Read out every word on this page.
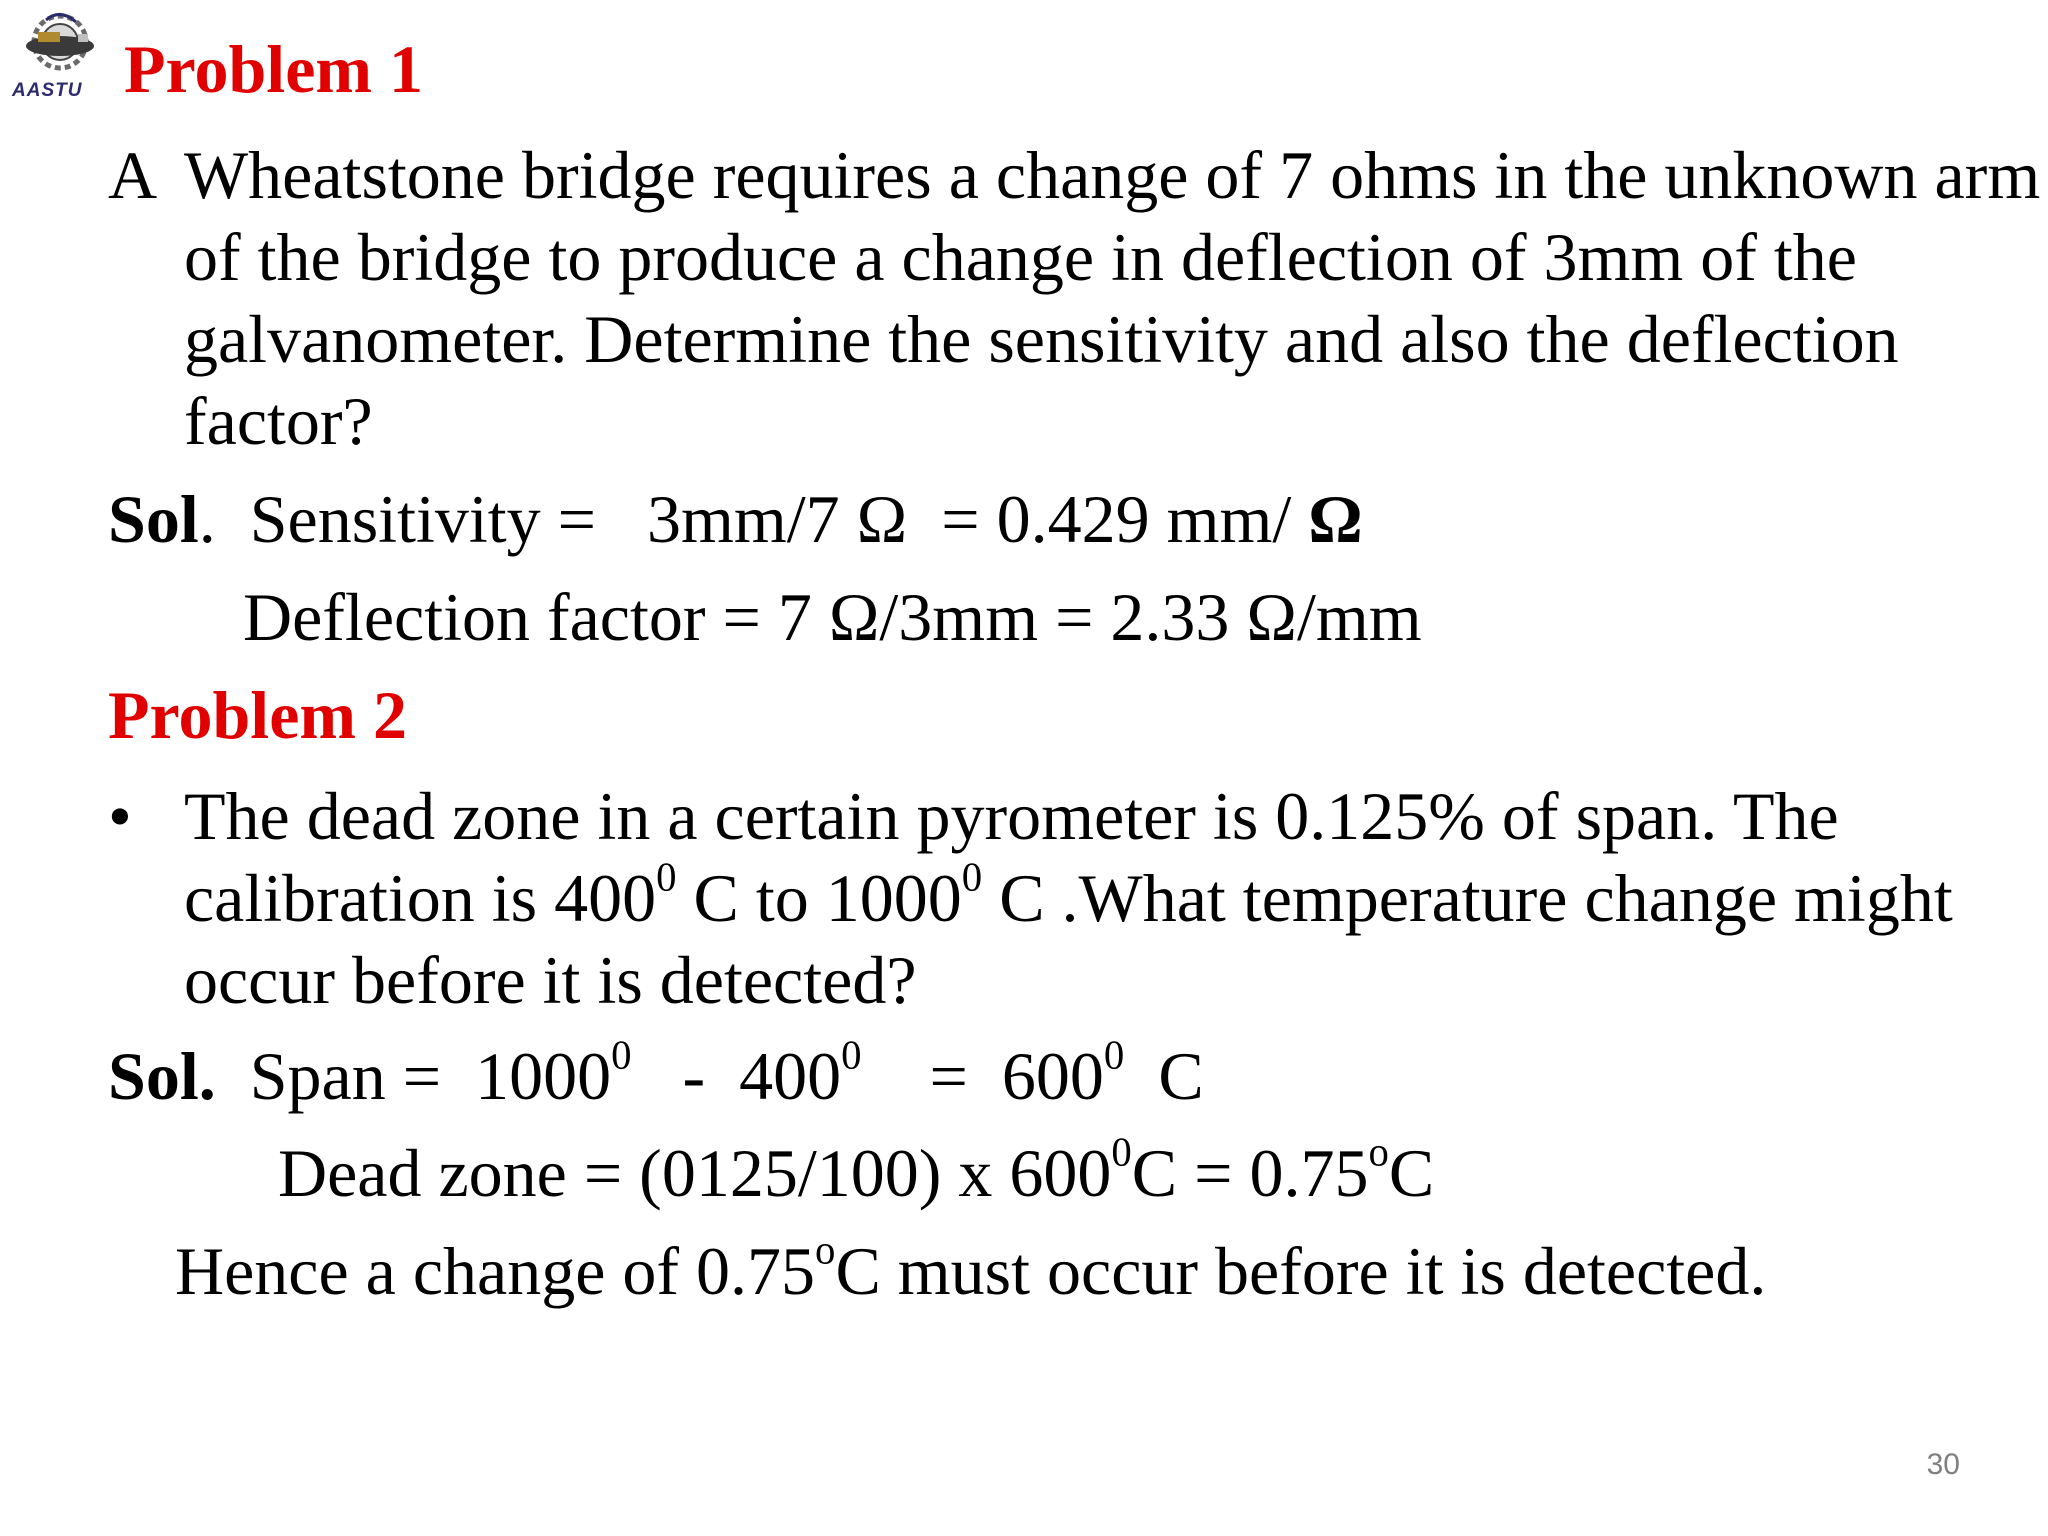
AASTU Problem 1
A Wheatstone bridge requires a change of 7 ohms in the unknown arm of the bridge to produce a change in deflection of 3mm of the galvanometer. Determine the sensitivity and also the deflection factor?
Sol. Sensitivity = 3mm/7 Ω = 0.429 mm/ Ω
Deflection factor = 7 Ω/3mm = 2.33 Ω/mm
Problem 2
• The dead zone in a certain pyrometer is 0.125% of span. The calibration is $400^0$ C to 1000$^0$ C .What temperature change might occur before it is detected?
Sol. Span = $1000^0 - 400^0 = 600^0$ C
Dead zone = (0125/100) x $600^0C = 0.75^oC$
Hence a change of 0.75$^o$C must occur before it is detected.
30
